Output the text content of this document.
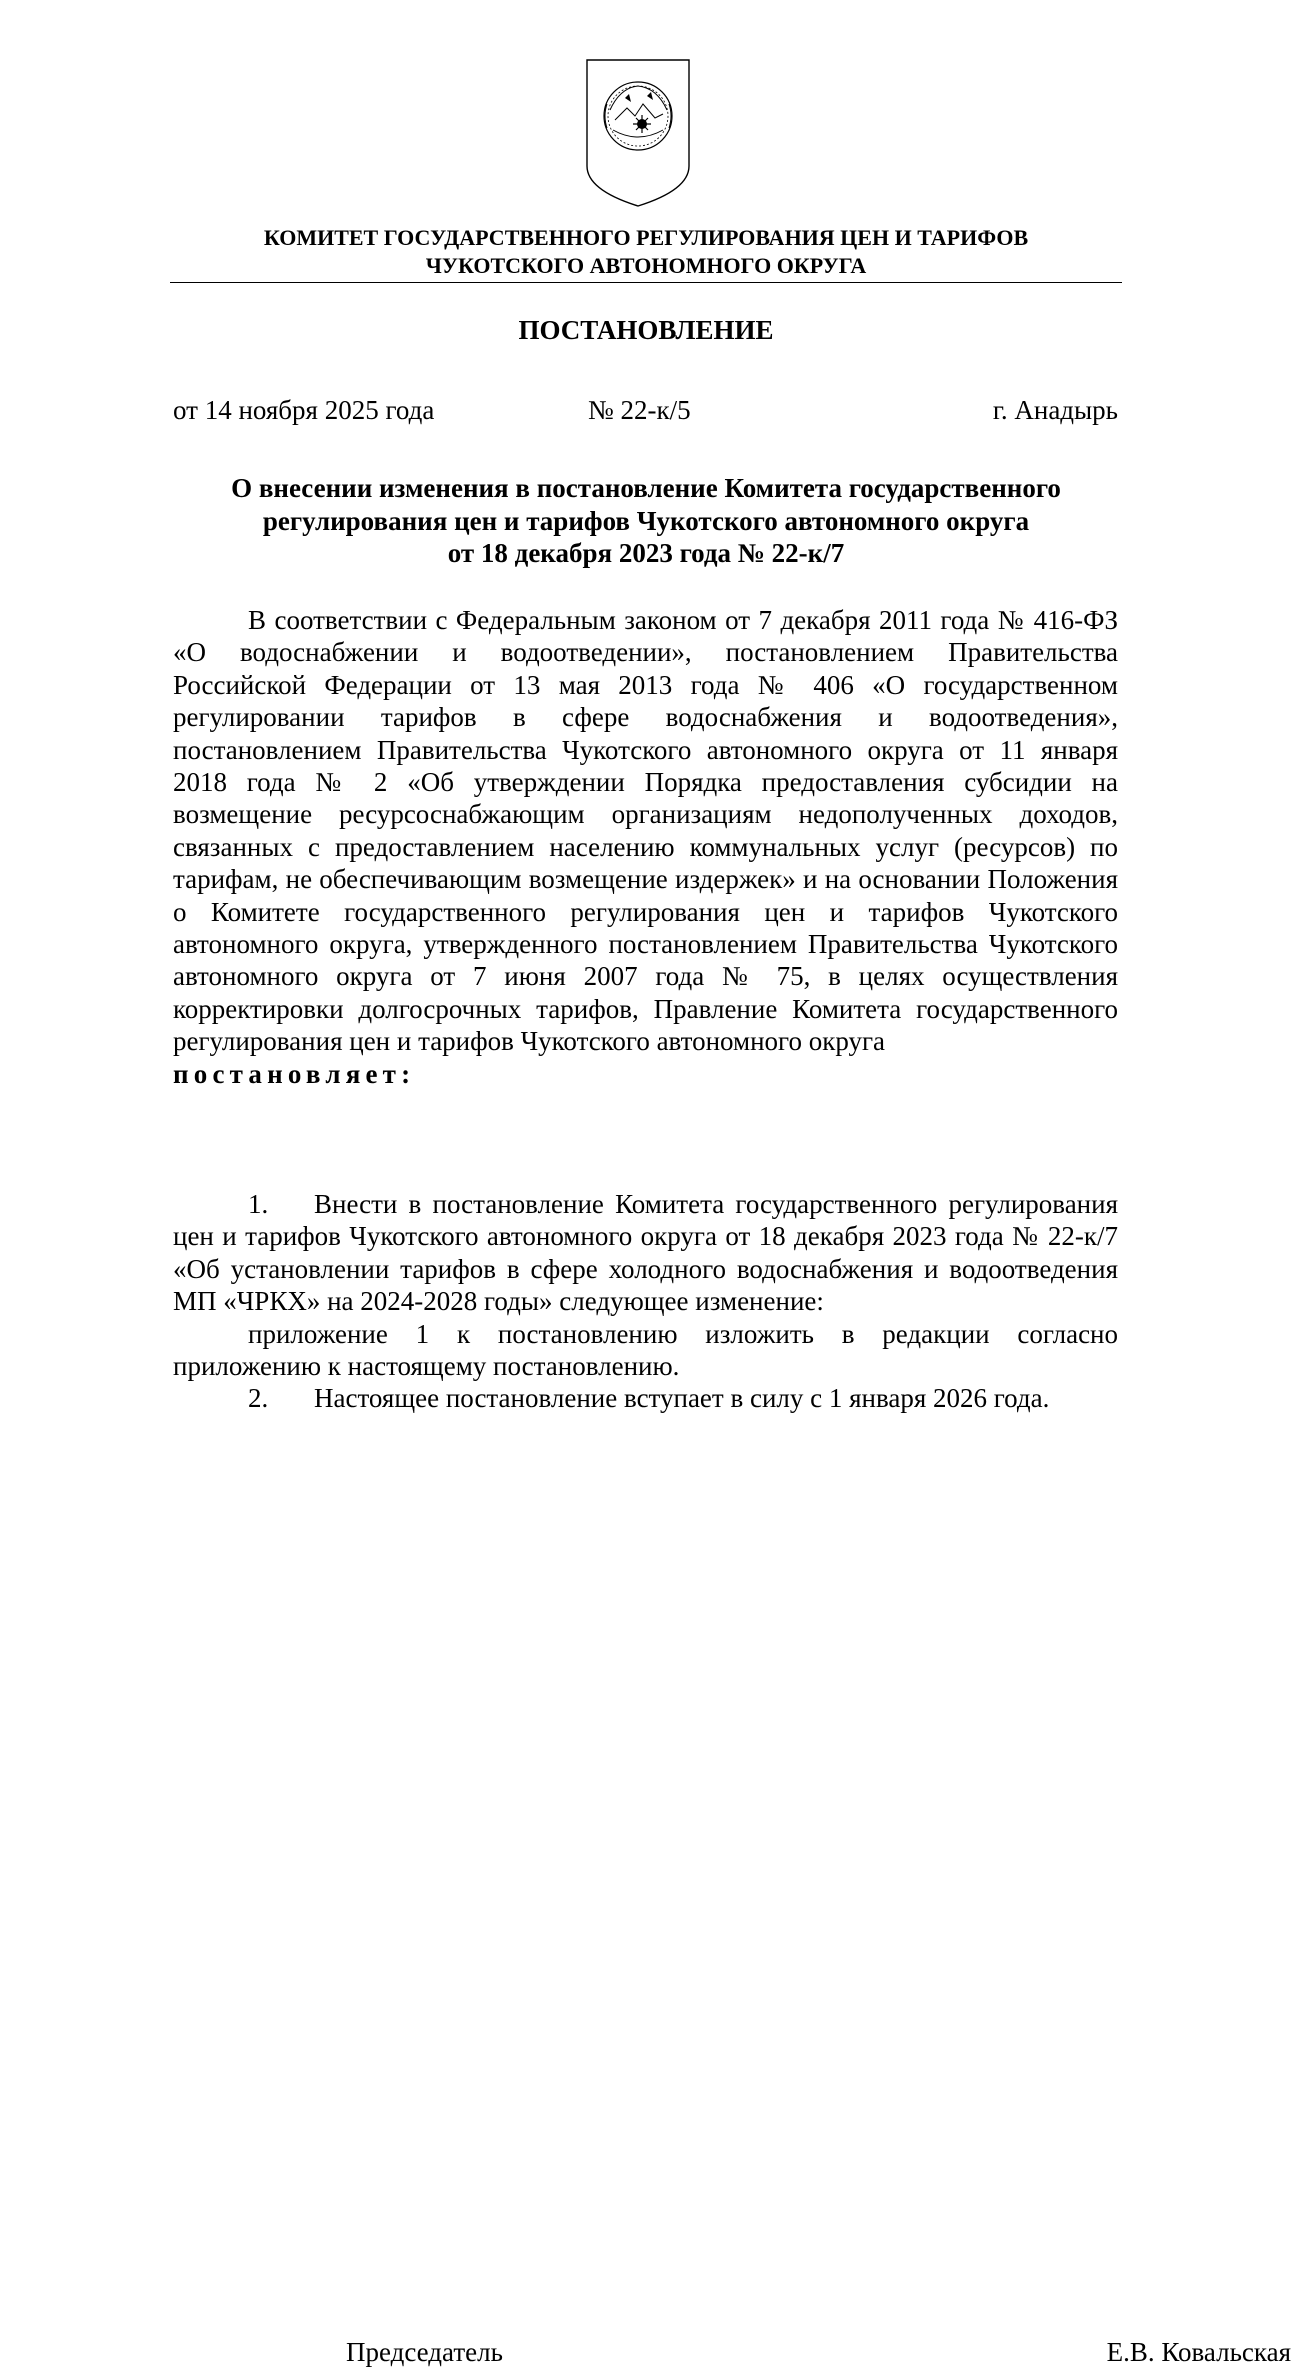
КОМИТЕТ ГОСУДАРСТВЕННОГО РЕГУЛИРОВАНИЯ ЦЕН И ТАРИФОВ
ЧУКОТСКОГО АВТОНОМНОГО ОКРУГА
ПОСТАНОВЛЕНИЕ
от 14 ноября 2025 года	№ 22-к/5	г. Анадырь
О внесении изменения в постановление Комитета государственного
регулирования цен и тарифов Чукотского автономного округа
от 18 декабря 2023 года № 22-к/7

В соответствии с Федеральным законом от 7 декабря 2011 года № 416-ФЗ «О водоснабжении и водоотведении», постановлением Правительства Российской Федерации от 13 мая 2013 года № 406 «О государственном регулировании тарифов в сфере водоснабжения и водоотведения», постановлением Правительства Чукотского автономного округа от 11 января 2018 года № 2 «Об утверждении Порядка предоставления субсидии на возмещение ресурсоснабжающим организациям недополученных доходов, связанных с предоставлением населению коммунальных услуг (ресурсов) по тарифам, не обеспечивающим возмещение издержек» и на основании Положения о Комитете государственного регулирования цен и тарифов Чукотского автономного округа, утвержденного постановлением Правительства Чукотского автономного округа от 7 июня 2007 года № 75, в целях осуществления корректировки долгосрочных тарифов, Правление Комитета государственного регулирования цен и тарифов Чукотского автономного округа

постановляет:

1. Внести в постановление Комитета государственного регулирования цен и тарифов Чукотского автономного округа от 18 декабря 2023 года № 22-к/7 «Об установлении тарифов в сфере холодного водоснабжения и водоотведения МП «ЧРКХ» на 2024-2028 годы» следующее изменение:

приложение 1 к постановлению изложить в редакции согласно приложению к настоящему постановлению.

2. Настоящее постановление вступает в силу с 1 января 2026 года.

Председатель	Е.В. Ковальская
